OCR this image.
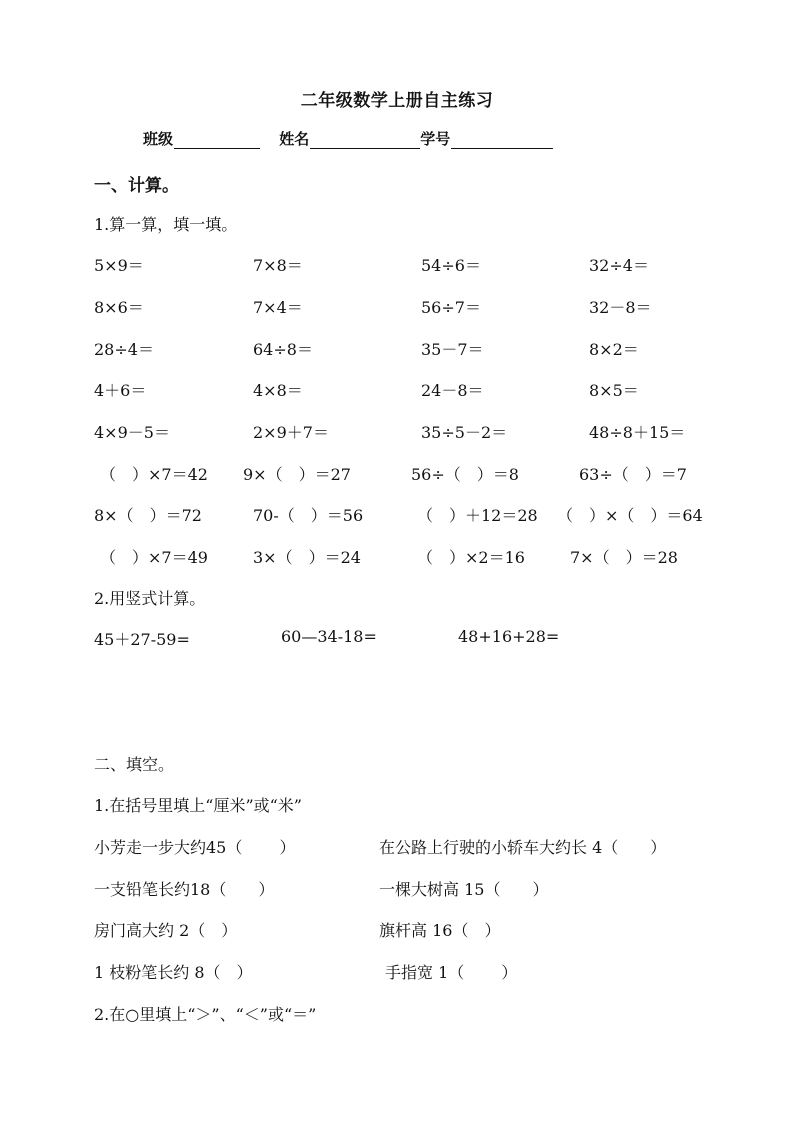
二年级数学上册自主练习
班级	姓名	学号
一、计算。
1.算一算，填一填。
5×9＝	7×8＝	54÷6＝	32÷4＝
8×6＝	7×4＝	56÷7＝	32－8＝
28÷4＝	64÷8＝	35－7＝	8×2＝
4＋6＝	4×8＝	24－8＝	8×5＝
4×9－5＝	2×9＋7＝	35÷5－2＝	48÷8＋15＝
（　）×7＝42 9×（　）＝27	56÷（　）＝8	63÷（　）＝7
8×（　）＝72	70-（　）＝56	（　）＋12＝28 （　）×（　）＝64
（　）×7＝49	3×（　）＝24	（　）×2＝16	7×（　）＝28
2.用竖式计算。
45＋27-59=	60—34-18=	48+16+28=
二、填空。
1.在括号里填上“厘米”或“米”
小芳走一步大约45（　　 ）	在公路上行驶的小轿车大约长 4（　　）
一支铅笔长约18（　　）	一棵大树高 15（　　）
房门高大约 2（　）	旗杆高 16（　）
1 枝粉笔长约 8（　）	手指宽 1（　　 ）
2.在○里填上“＞”、“＜”或“＝”
